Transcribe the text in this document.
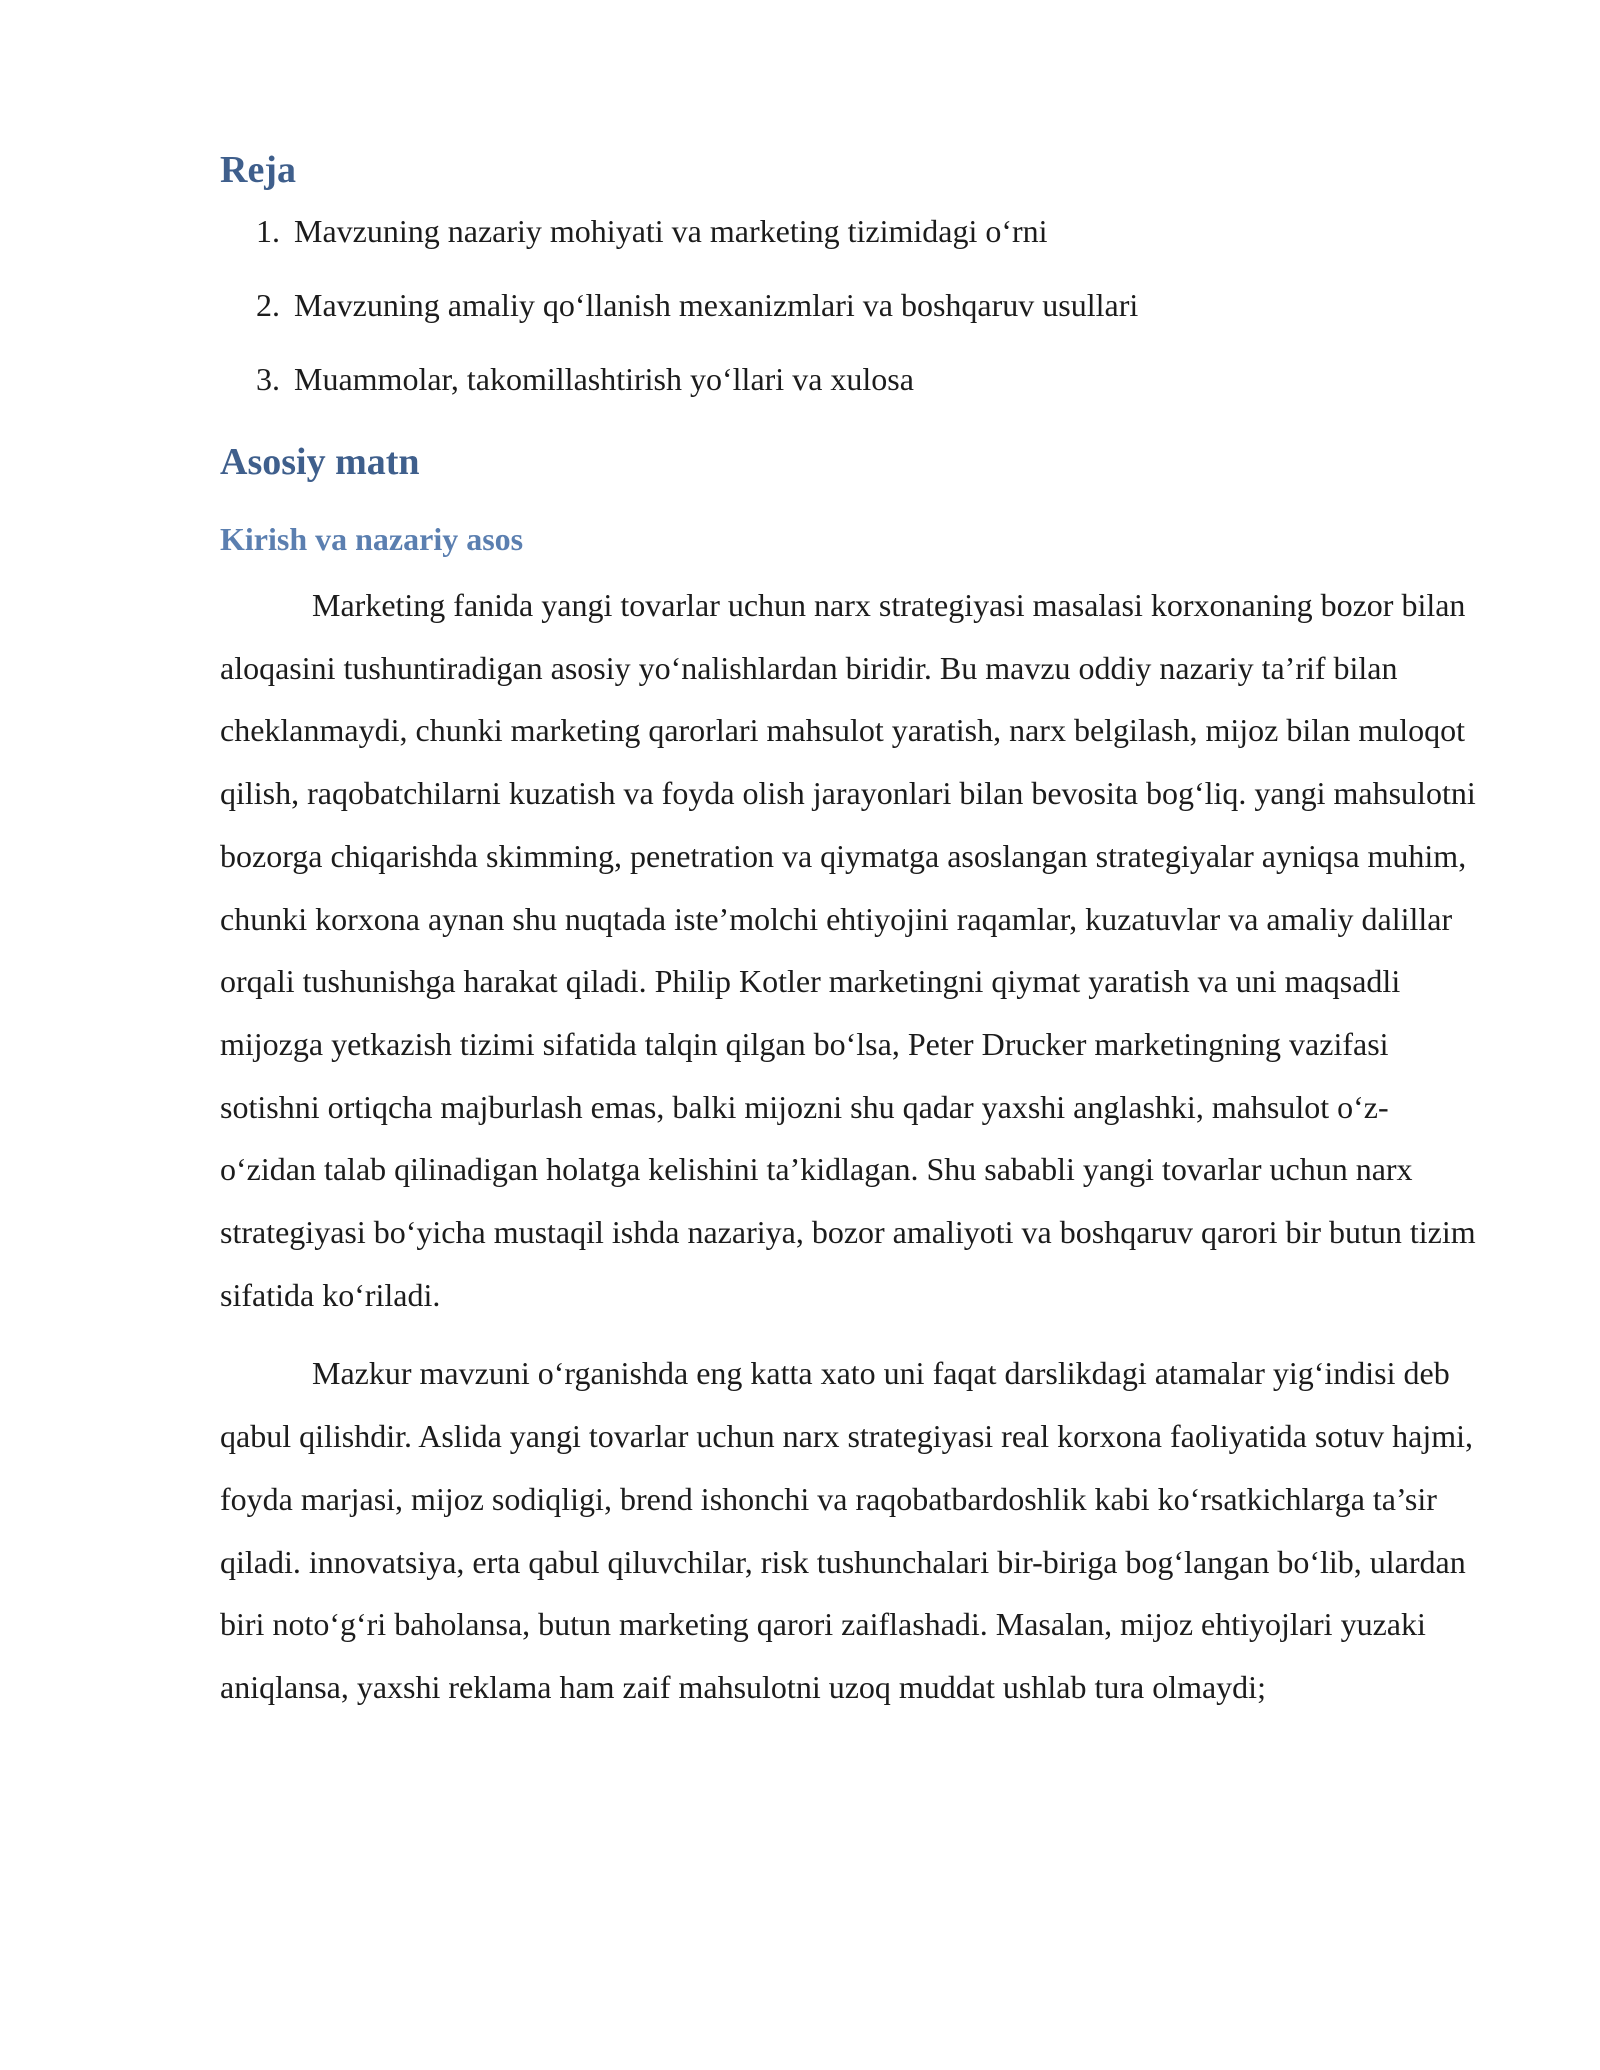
Reja
1. Mavzuning nazariy mohiyati va marketing tizimidagi o‘rni
2. Mavzuning amaliy qo‘llanish mexanizmlari va boshqaruv usullari
3. Muammolar, takomillashtirish yo‘llari va xulosa
Asosiy matn
Kirish va nazariy asos

Marketing fanida yangi tovarlar uchun narx strategiyasi masalasi korxonaning bozor bilan aloqasini tushuntiradigan asosiy yo‘nalishlardan biridir. Bu mavzu oddiy nazariy ta’rif bilan cheklanmaydi, chunki marketing qarorlari mahsulot yaratish, narx belgilash, mijoz bilan muloqot qilish, raqobatchilarni kuzatish va foyda olish jarayonlari bilan bevosita bog‘liq. yangi mahsulotni bozorga chiqarishda skimming, penetration va qiymatga asoslangan strategiyalar ayniqsa muhim, chunki korxona aynan shu nuqtada iste’molchi ehtiyojini raqamlar, kuzatuvlar va amaliy dalillar orqali tushunishga harakat qiladi. Philip Kotler marketingni qiymat yaratish va uni maqsadli mijozga yetkazish tizimi sifatida talqin qilgan bo‘lsa, Peter Drucker marketingning vazifasi sotishni ortiqcha majburlash emas, balki mijozni shu qadar yaxshi anglashki, mahsulot o‘z-o‘zidan talab qilinadigan holatga kelishini ta’kidlagan. Shu sababli yangi tovarlar uchun narx strategiyasi bo‘yicha mustaqil ishda nazariya, bozor amaliyoti va boshqaruv qarori bir butun tizim sifatida ko‘riladi.

Mazkur mavzuni o‘rganishda eng katta xato uni faqat darslikdagi atamalar yig‘indisi deb qabul qilishdir. Aslida yangi tovarlar uchun narx strategiyasi real korxona faoliyatida sotuv hajmi, foyda marjasi, mijoz sodiqligi, brend ishonchi va raqobatbardoshlik kabi ko‘rsatkichlarga ta’sir qiladi. innovatsiya, erta qabul qiluvchilar, risk tushunchalari bir-biriga bog‘langan bo‘lib, ulardan biri noto‘g‘ri baholansa, butun marketing qarori zaiflashadi. Masalan, mijoz ehtiyojlari yuzaki aniqlansa, yaxshi reklama ham zaif mahsulotni uzoq muddat ushlab tura olmaydi;
